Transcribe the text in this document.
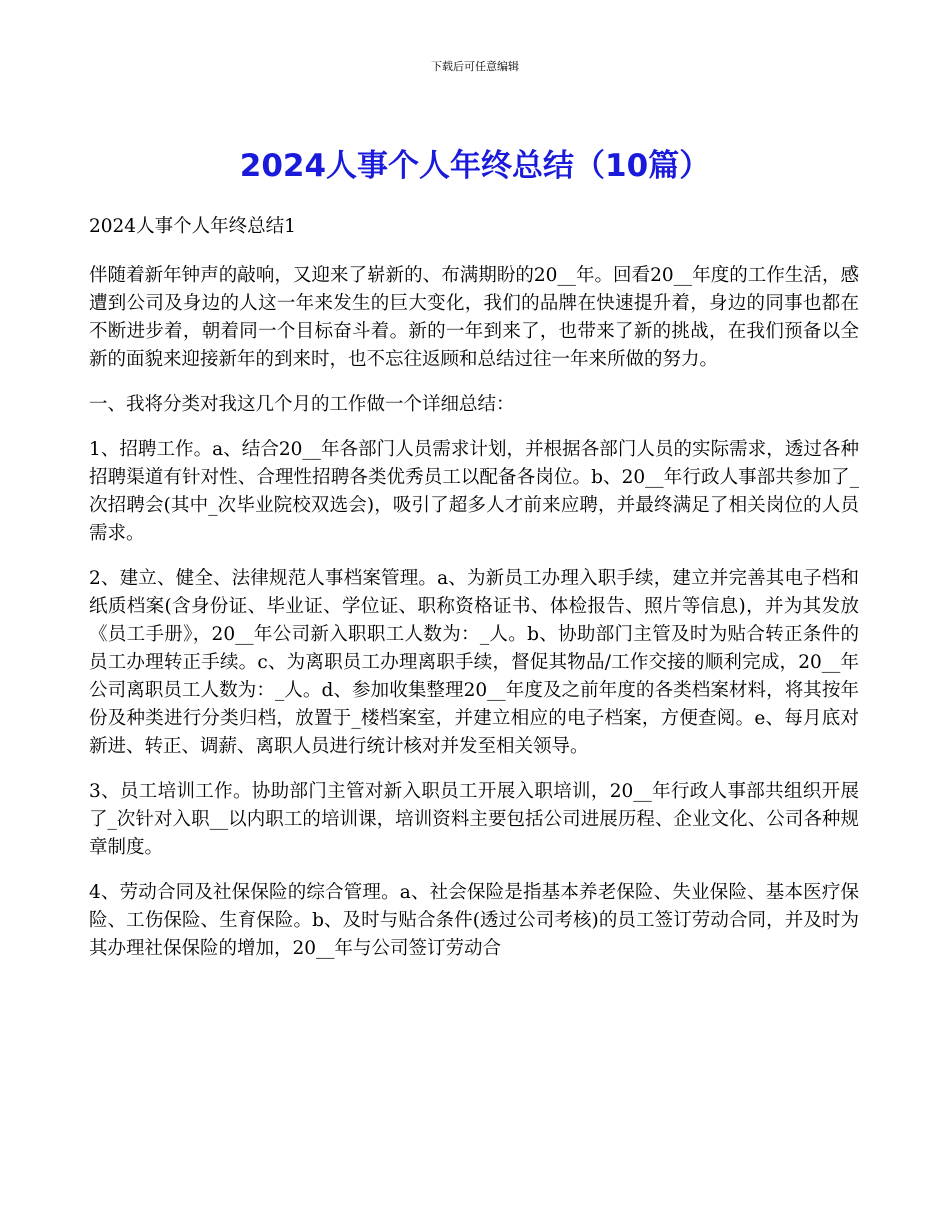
下载后可任意编辑
2024人事个人年终总结（10篇）
2024人事个人年终总结1

伴随着新年钟声的敲响，又迎来了崭新的、布满期盼的20__年。回看20__年度的工作生活，感遭到公司及身边的人这一年来发生的巨大变化，我们的品牌在快速提升着，身边的同事也都在不断进步着，朝着同一个目标奋斗着。新的一年到来了，也带来了新的挑战，在我们预备以全新的面貌来迎接新年的到来时，也不忘往返顾和总结过往一年来所做的努力。

一、我将分类对我这几个月的工作做一个详细总结：

1、招聘工作。a、结合20__年各部门人员需求计划，并根据各部门人员的实际需求，透过各种招聘渠道有针对性、合理性招聘各类优秀员工以配备各岗位。b、20__年行政人事部共参加了_次招聘会(其中_次毕业院校双选会)，吸引了超多人才前来应聘，并最终满足了相关岗位的人员需求。

2、建立、健全、法律规范人事档案管理。a、为新员工办理入职手续，建立并完善其电子档和纸质档案(含身份证、毕业证、学位证、职称资格证书、体检报告、照片等信息)，并为其发放《员工手册》，20__年公司新入职职工人数为：_人。b、协助部门主管及时为贴合转正条件的员工办理转正手续。c、为离职员工办理离职手续，督促其物品/工作交接的顺利完成，20__年公司离职员工人数为：_人。d、参加收集整理20__年度及之前年度的各类档案材料，将其按年份及种类进行分类归档，放置于_楼档案室，并建立相应的电子档案，方便查阅。e、每月底对新进、转正、调薪、离职人员进行统计核对并发至相关领导。

3、员工培训工作。协助部门主管对新入职员工开展入职培训，20__年行政人事部共组织开展了_次针对入职__以内职工的培训课，培训资料主要包括公司进展历程、企业文化、公司各种规章制度。

4、劳动合同及社保保险的综合管理。a、社会保险是指基本养老保险、失业保险、基本医疗保险、工伤保险、生育保险。b、及时与贴合条件(透过公司考核)的员工签订劳动合同，并及时为其办理社保保险的增加，20__年与公司签订劳动合
